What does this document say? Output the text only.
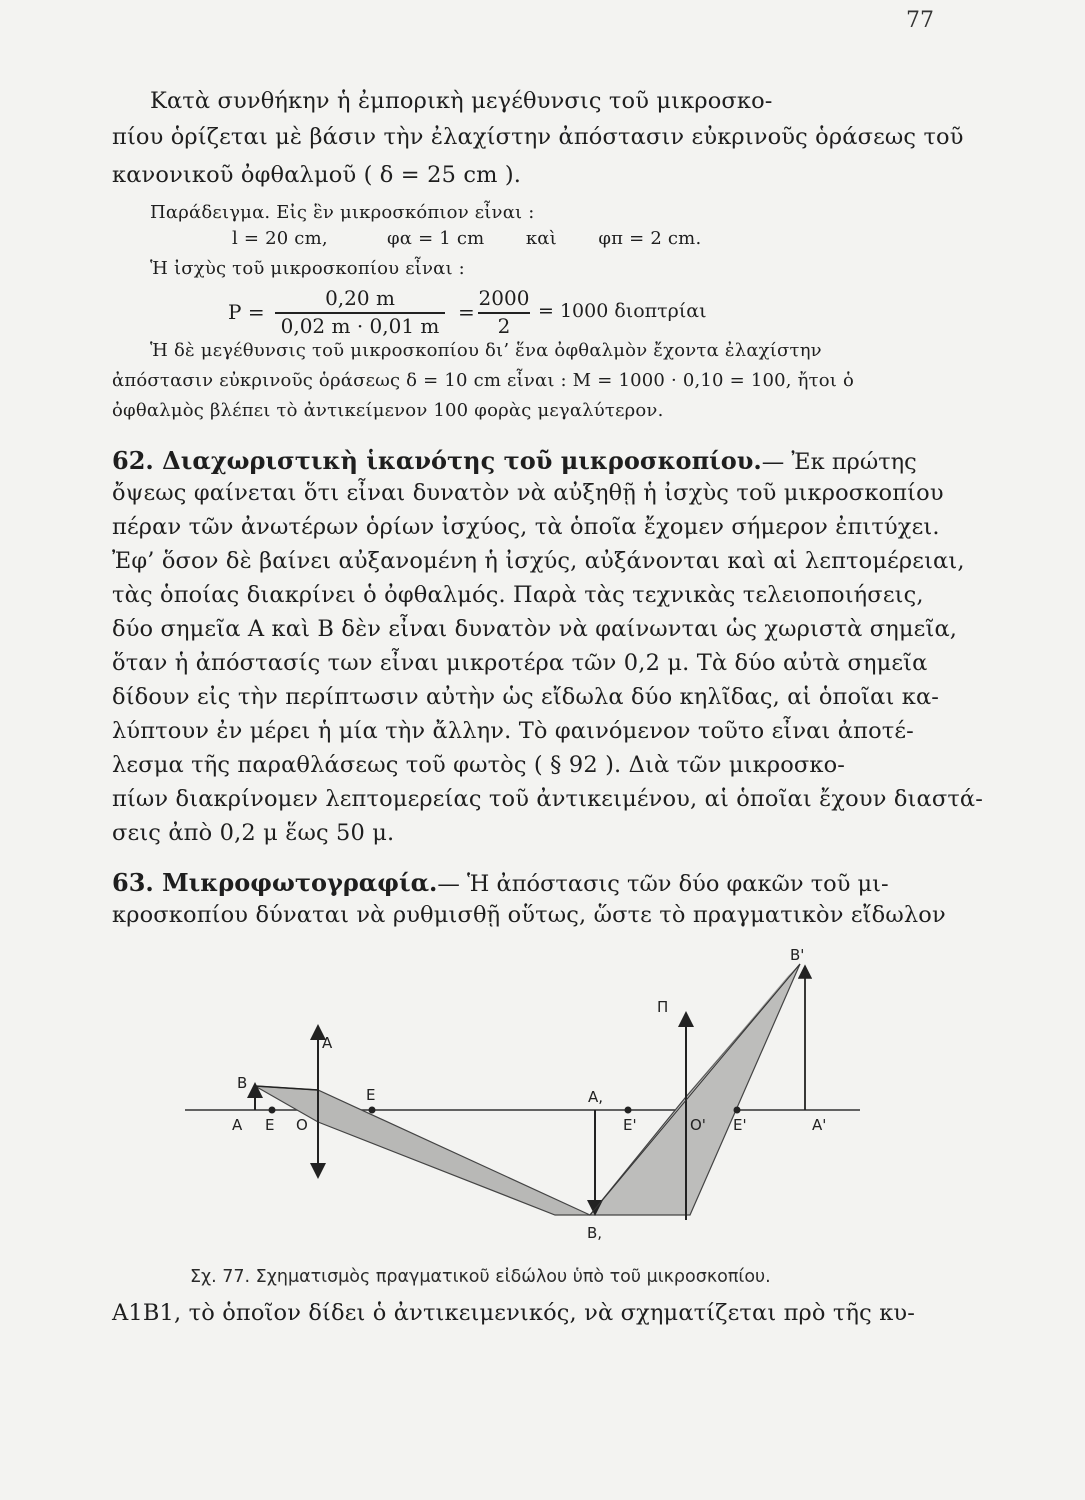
77
Κατὰ συνθήκην ἡ ἐμπορικὴ μεγέθυνσις τοῦ μικροσκο-
πίου ὁρίζεται μὲ βάσιν τὴν ἐλαχίστην ἀπόστασιν εὐκρινοῦς ὁράσεως τοῦ
κανονικοῦ ὀφθαλμοῦ ( δ = 25 cm ).
Παράδειγμα. Εἰς ἓν μικροσκόπιον εἶναι :
l = 20 cm,          φα = 1 cm       καὶ       φπ = 2 cm.
Ἡ ἰσχὺς τοῦ μικροσκοπίου εἶναι :
P =
0,20 m
0,02 m · 0,01 m
=
2000
2
= 1000 διοπτρίαι
Ἡ δὲ μεγέθυνσις τοῦ μικροσκοπίου δι’ ἕνα ὀφθαλμὸν ἔχοντα ἐλαχίστην
ἀπόστασιν εὐκρινοῦς ὁράσεως δ = 10 cm εἶναι : Μ = 1000 · 0,10 = 100, ἤτοι ὁ
ὀφθαλμὸς βλέπει τὸ ἀντικείμενον 100 φορὰς μεγαλύτερον.
62. Διαχωριστικὴ ἱκανότης τοῦ μικροσκοπίου.— Ἐκ πρώτης
ὄψεως φαίνεται ὅτι εἶναι δυνατὸν νὰ αὐξηθῇ ἡ ἰσχὺς τοῦ μικροσκοπίου
πέραν τῶν ἀνωτέρων ὁρίων ἰσχύος, τὰ ὁποῖα ἔχομεν σήμερον ἐπιτύχει.
Ἐφ’ ὅσον δὲ βαίνει αὐξανομένη ἡ ἰσχύς, αὐξάνονται καὶ αἱ λεπτομέρειαι,
τὰς ὁποίας διακρίνει ὁ ὀφθαλμός. Παρὰ τὰς τεχνικὰς τελειοποιήσεις,
δύο σημεῖα Α καὶ Β δὲν εἶναι δυνατὸν νὰ φαίνωνται ὡς χωριστὰ σημεῖα,
ὅταν ἡ ἀπόστασίς των εἶναι μικροτέρα τῶν 0,2 μ. Τὰ δύο αὐτὰ σημεῖα
δίδουν εἰς τὴν περίπτωσιν αὐτὴν ὡς εἴδωλα δύο κηλῖδας, αἱ ὁποῖαι κα-
λύπτουν ἐν μέρει ἡ μία τὴν ἄλλην. Τὸ φαινόμενον τοῦτο εἶναι ἀποτέ-
λεσμα τῆς παραθλάσεως τοῦ φωτὸς ( § 92 ). Διὰ τῶν μικροσκο-
πίων διακρίνομεν λεπτομερείας τοῦ ἀντικειμένου, αἱ ὁποῖαι ἔχουν διαστά-
σεις ἀπὸ 0,2 μ ἕως 50 μ.
63. Μικροφωτογραφία.— Ἡ ἀπόστασις τῶν δύο φακῶν τοῦ μι-
κροσκοπίου δύναται νὰ ρυθμισθῇ οὕτως, ὥστε τὸ πραγματικὸν εἴδωλον
A
B
A E O
E	A,
B,
E'	O' E'	A'
B'
Π
Σχ. 77. Σχηματισμὸς πραγματικοῦ εἰδώλου ὑπὸ τοῦ μικροσκοπίου.
A1B1, τὸ ὁποῖον δίδει ὁ ἀντικειμενικός, νὰ σχηματίζεται πρὸ τῆς κυ-
